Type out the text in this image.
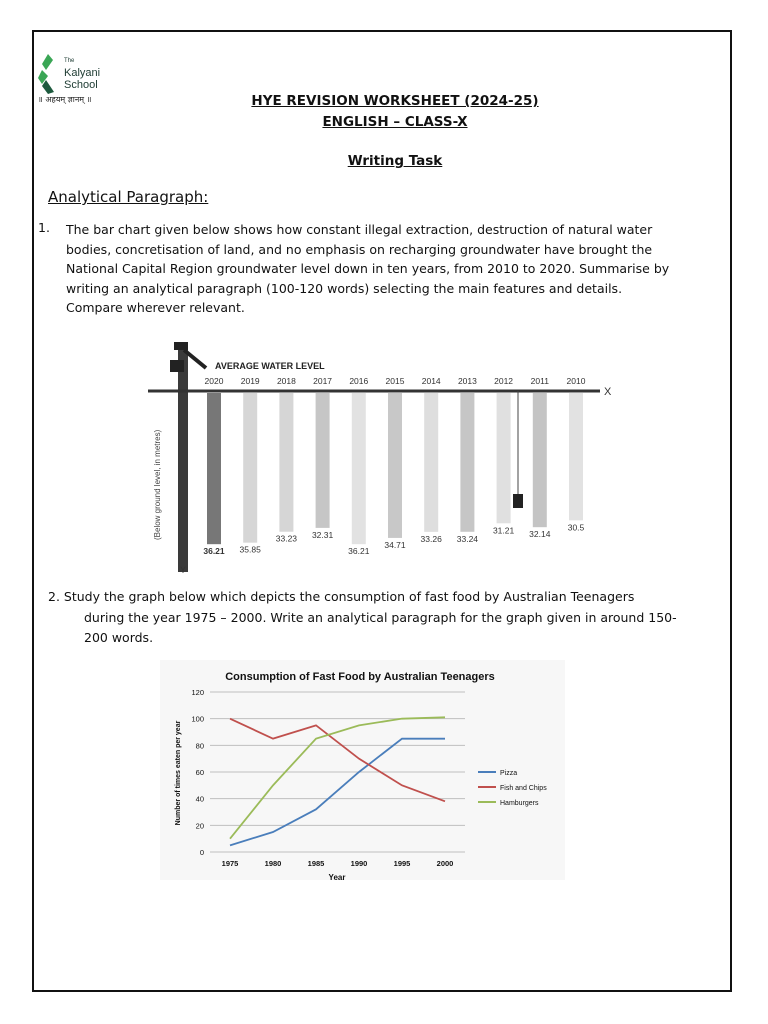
The
Kalyani
School
॥ अहयम् ज्ञानम् ॥	HYE REVISION WORKSHEET (2024-25)
ENGLISH – CLASS-X
Writing Task
Analytical Paragraph:
1. The bar chart given below shows how constant illegal extraction, destruction of natural water bodies, concretisation of land, and no emphasis on recharging groundwater have brought the National Capital Region groundwater level down in ten years, from 2010 to 2020. Summarise by writing an analytical paragraph (100-120 words) selecting the main features and details. Compare wherever relevant.
2020
36.21
2019
35.85
2018
33.23
2017
32.31
2016
36.21
2015
34.71
2014
33.26
2013
33.24
2012
31.21
2011
32.14
2010
30.5
X
Y
AVERAGE WATER LEVEL
(Below ground level, in metres)
2. Study the graph below which depicts the consumption of fast food by Australian Teenagers
during the year 1975 – 2000. Write an analytical paragraph for the graph given in around 150-200 words.
Consumption of Fast Food by Australian Teenagers
Year
Number of times eaten per year
0
20
40
60
80
100
120
1975	1980	1985	1990	1995	2000
Pizza
Fish and Chips
Hamburgers
